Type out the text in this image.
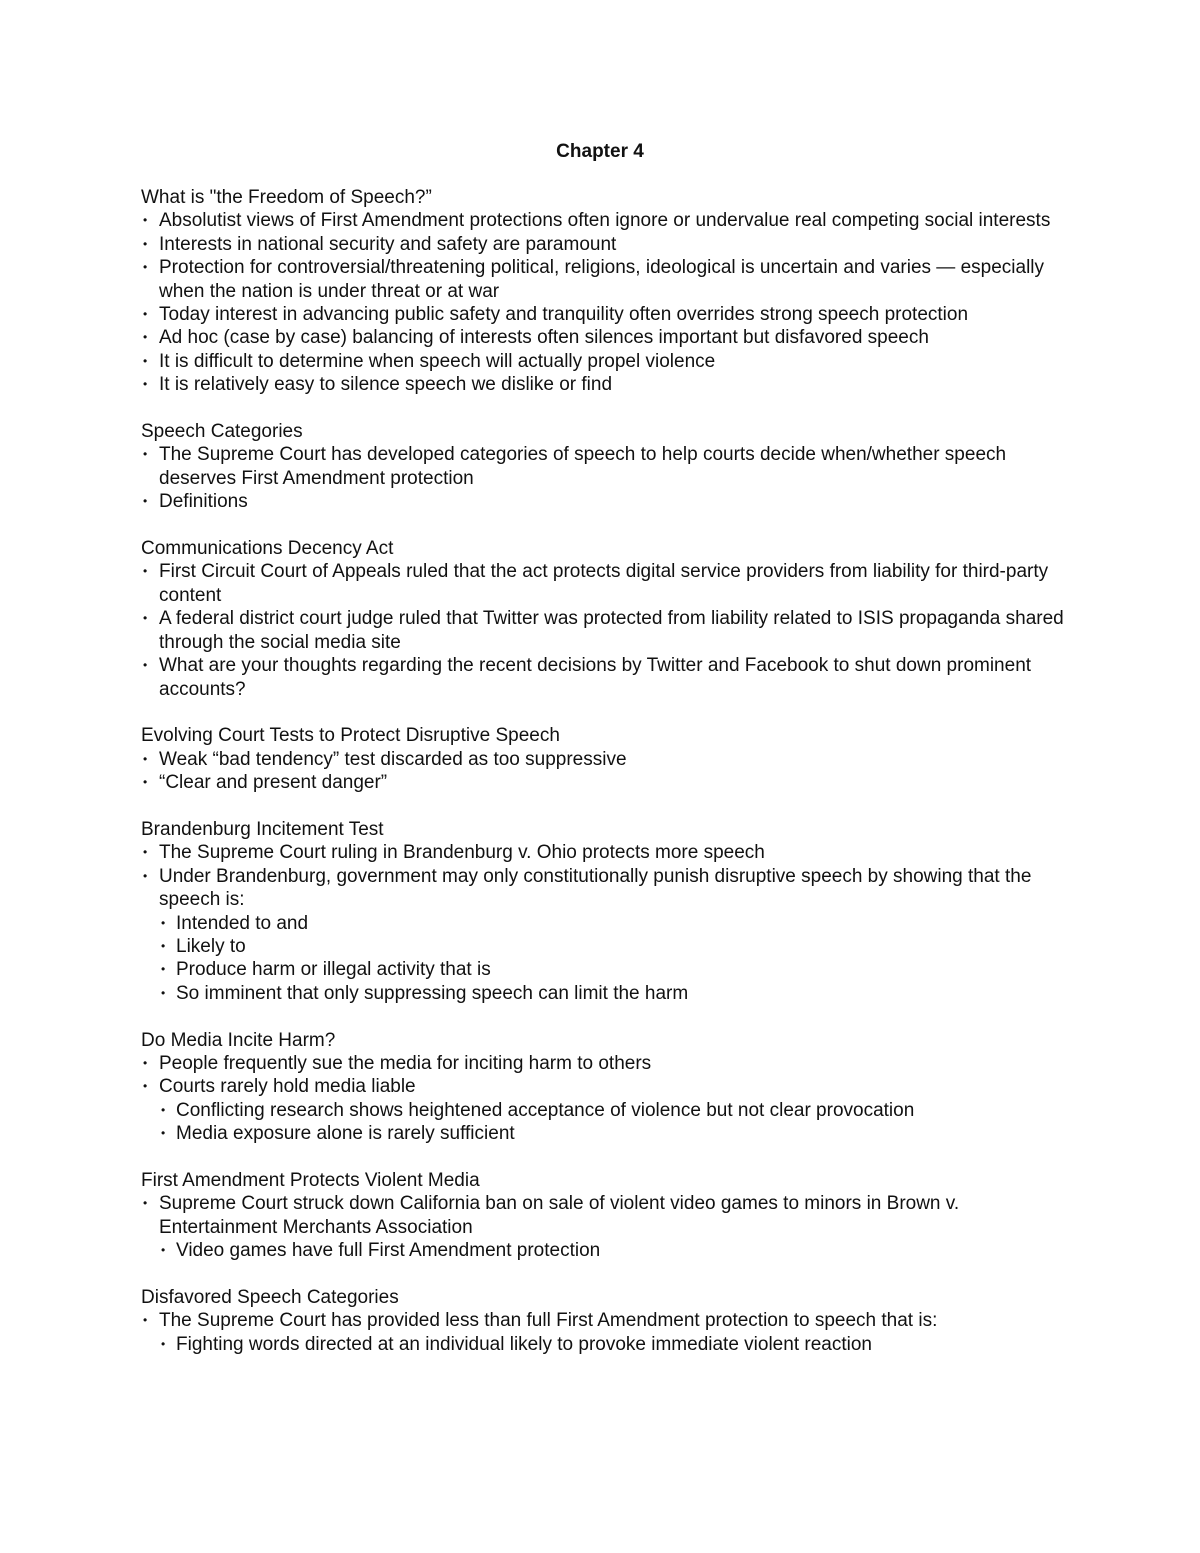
Chapter 4
What is "the Freedom of Speech?”
• Absolutist views of First Amendment protections often ignore or undervalue real competing social interests
• Interests in national security and safety are paramount
• Protection for controversial/threatening political, religions, ideological is uncertain and varies — especially when the nation is under threat or at war
• Today interest in advancing public safety and tranquility often overrides strong speech protection
• Ad hoc (case by case) balancing of interests often silences important but disfavored speech
• It is difficult to determine when speech will actually propel violence
• It is relatively easy to silence speech we dislike or find
Speech Categories
• The Supreme Court has developed categories of speech to help courts decide when/whether speech deserves First Amendment protection
• Definitions
Communications Decency Act
• First Circuit Court of Appeals ruled that the act protects digital service providers from liability for third-party content
• A federal district court judge ruled that Twitter was protected from liability related to ISIS propaganda shared through the social media site
• What are your thoughts regarding the recent decisions by Twitter and Facebook to shut down prominent accounts?
Evolving Court Tests to Protect Disruptive Speech
• Weak “bad tendency” test discarded as too suppressive
• “Clear and present danger”
Brandenburg Incitement Test
• The Supreme Court ruling in Brandenburg v. Ohio protects more speech
• Under Brandenburg, government may only constitutionally punish disruptive speech by showing that the speech is:
• Intended to and
• Likely to
• Produce harm or illegal activity that is
• So imminent that only suppressing speech can limit the harm
Do Media Incite Harm?
• People frequently sue the media for inciting harm to others
• Courts rarely hold media liable
• Conflicting research shows heightened acceptance of violence but not clear provocation
• Media exposure alone is rarely sufficient
First Amendment Protects Violent Media
• Supreme Court struck down California ban on sale of violent video games to minors in Brown v. Entertainment Merchants Association
• Video games have full First Amendment protection
Disfavored Speech Categories
• The Supreme Court has provided less than full First Amendment protection to speech that is:
• Fighting words directed at an individual likely to provoke immediate violent reaction
